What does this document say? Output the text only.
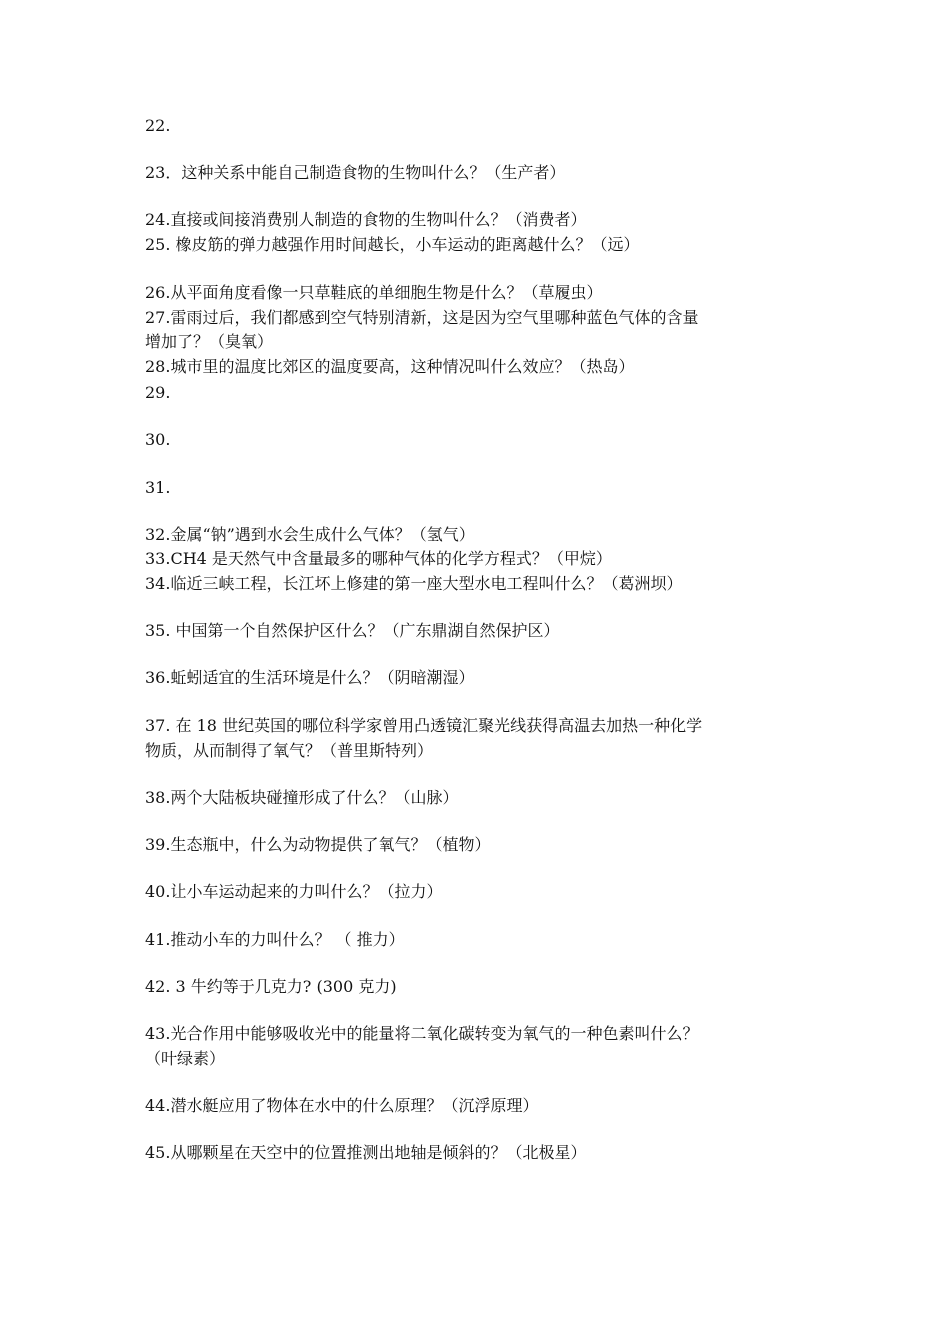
22.
23．这种关系中能自己制造食物的生物叫什么？（生产者）
24.直接或间接消费别人制造的食物的生物叫什么？（消费者）
25. 橡皮筋的弹力越强作用时间越长，小车运动的距离越什么？（远）
26.从平面角度看像一只草鞋底的单细胞生物是什么？（草履虫）
27.雷雨过后，我们都感到空气特别清新，这是因为空气里哪种蓝色气体的含量
增加了？（臭氧）
28.城市里的温度比郊区的温度要高，这种情况叫什么效应？（热岛）
29.
30.
31.
32.金属“钠”遇到水会生成什么气体？（氢气）
33.CH4 是天然气中含量最多的哪种气体的化学方程式？（甲烷）
34.临近三峡工程，长江坏上修建的第一座大型水电工程叫什么？（葛洲坝）
35. 中国第一个自然保护区什么？（广东鼎湖自然保护区）
36.蚯蚓适宜的生活环境是什么？（阴暗潮湿）
37. 在 18 世纪英国的哪位科学家曾用凸透镜汇聚光线获得高温去加热一种化学
物质，从而制得了氧气？（普里斯特列）
38.两个大陆板块碰撞形成了什么？（山脉）
39.生态瓶中，什么为动物提供了氧气？（植物）
40.让小车运动起来的力叫什么？（拉力）
41.推动小车的力叫什么？ （ 推力）
42. 3 牛约等于几克力? (300 克力)
43.光合作用中能够吸收光中的能量将二氧化碳转变为氧气的一种色素叫什么？
（叶绿素）
44.潜水艇应用了物体在水中的什么原理？（沉浮原理）
45.从哪颗星在天空中的位置推测出地轴是倾斜的？（北极星）
